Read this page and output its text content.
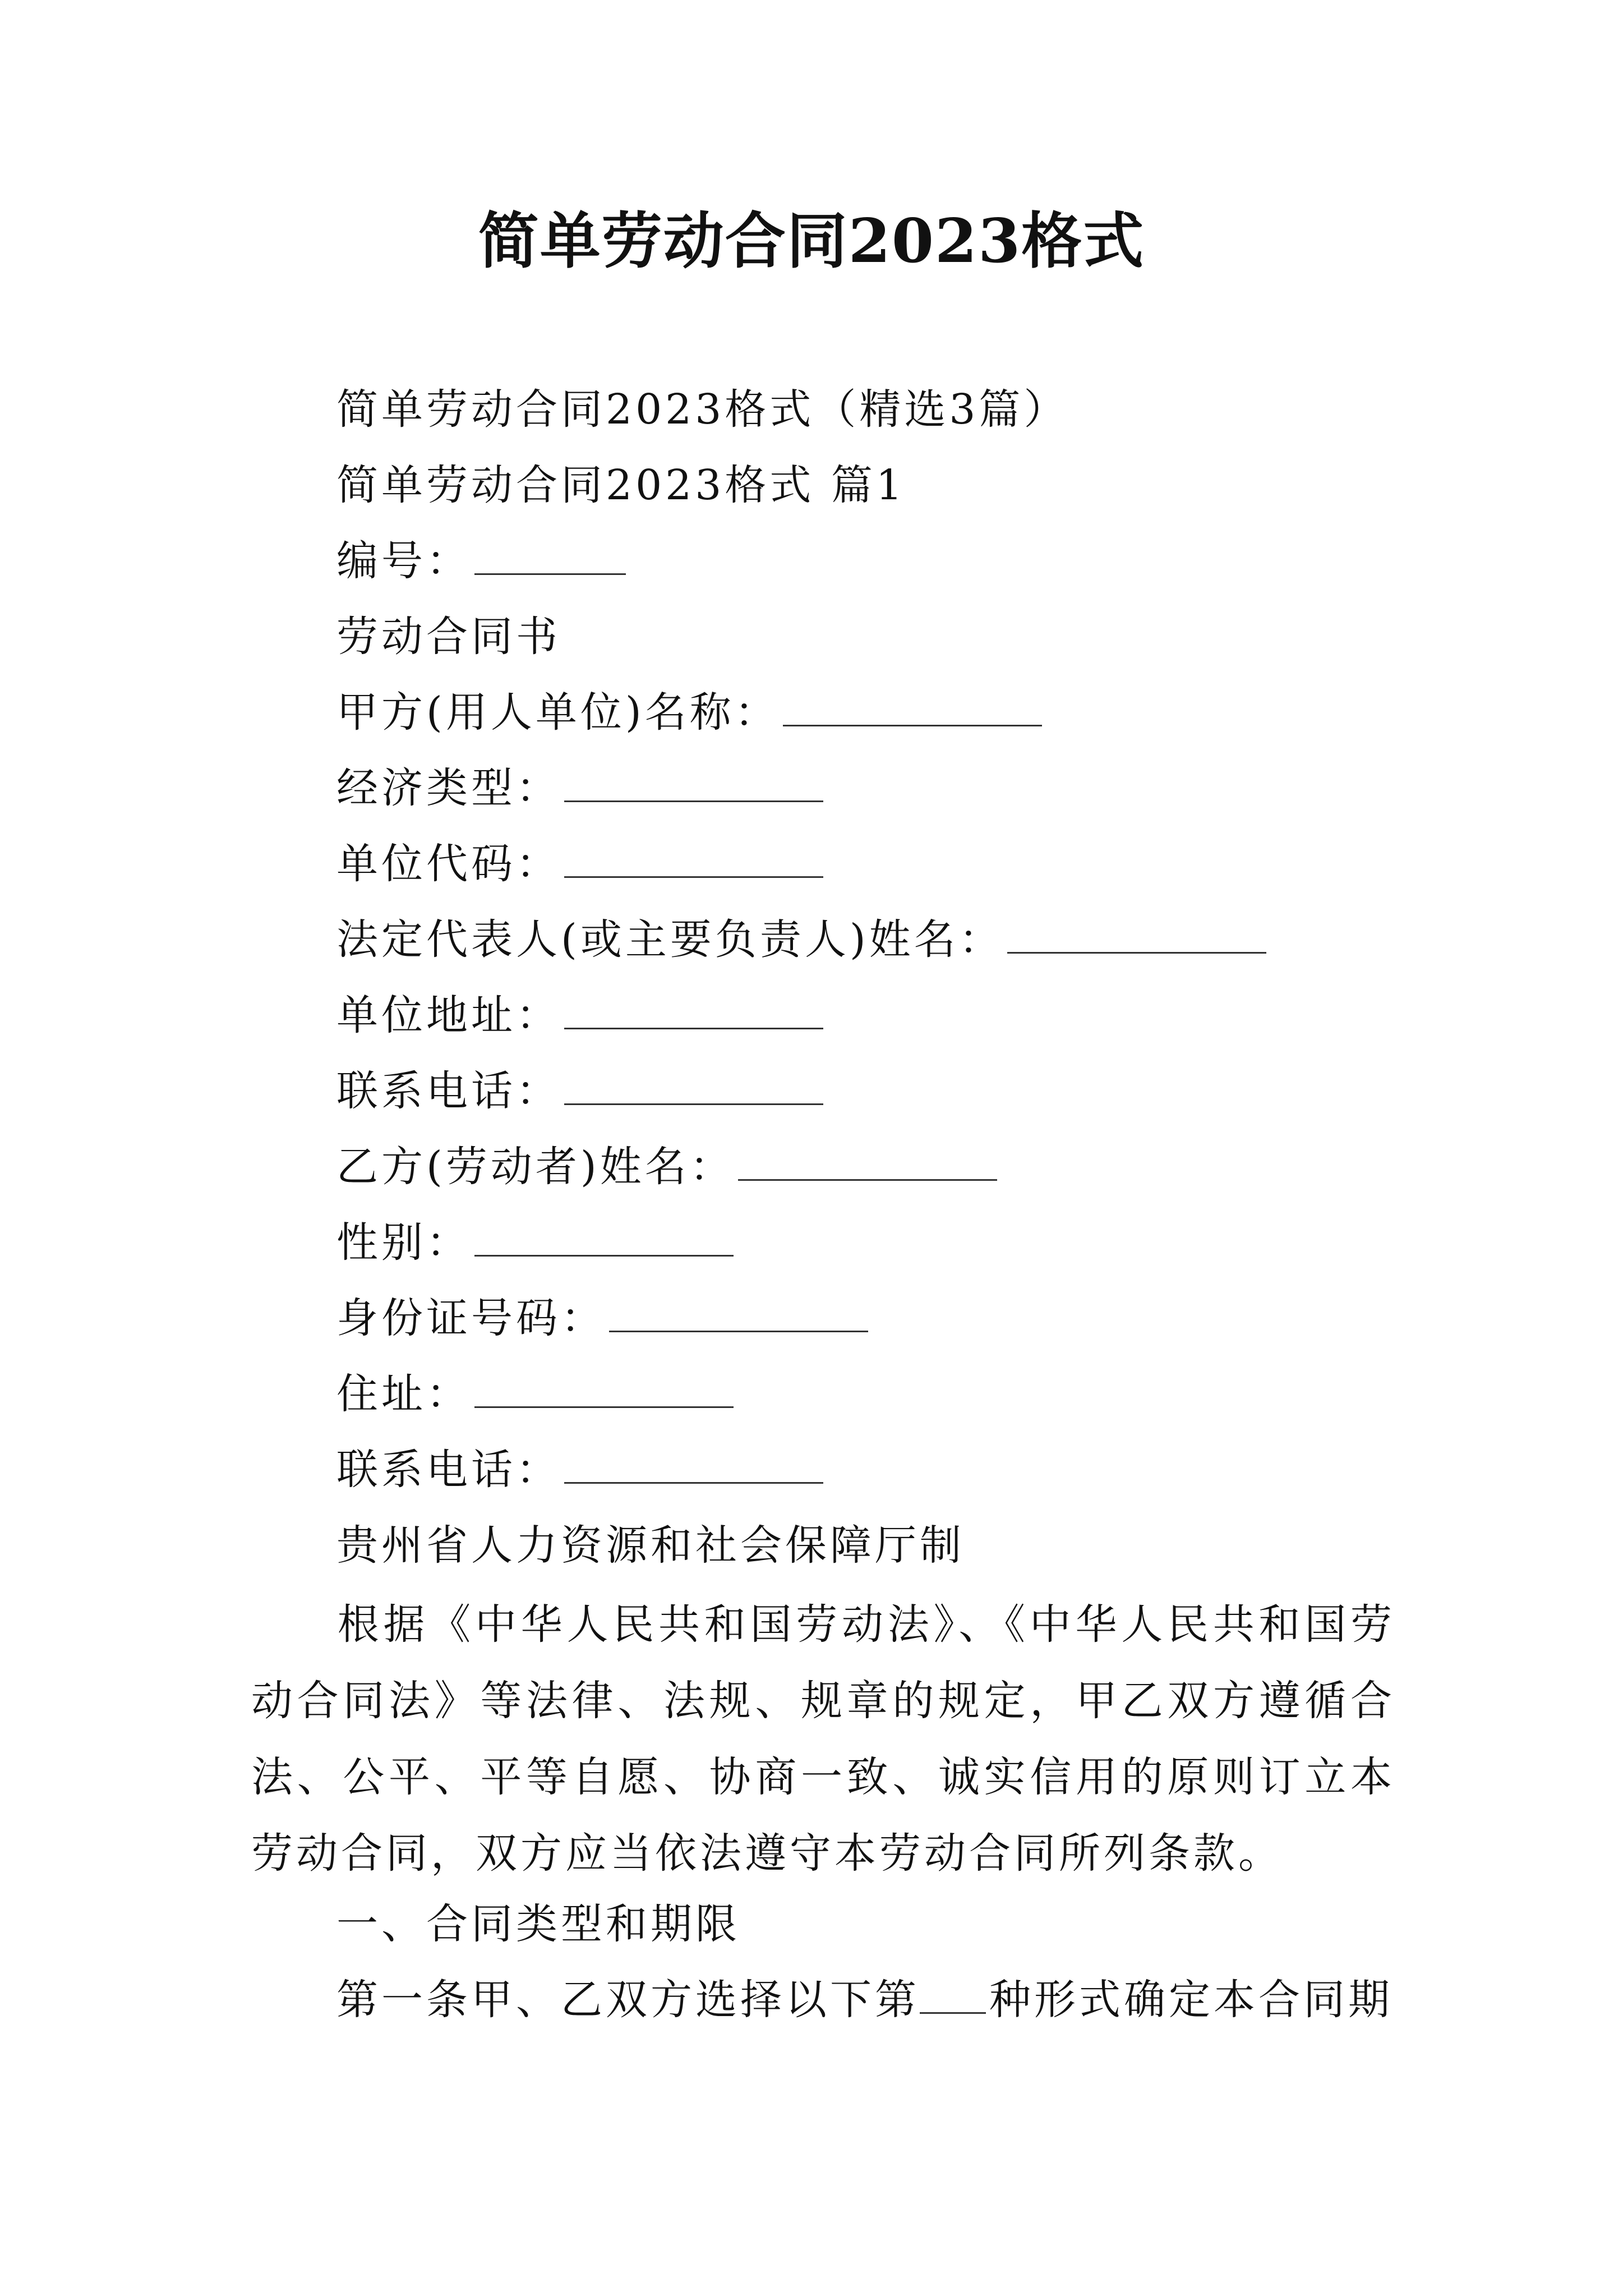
简单劳动合同2023格式
简单劳动合同2023格式（精选3篇）
简单劳动合同2023格式 篇1
编号：
劳动合同书
甲方(用人单位)名称：
经济类型：
单位代码：
法定代表人(或主要负责人)姓名：
单位地址：
联系电话：
乙方(劳动者)姓名：
性别：
身份证号码：
住址：
联系电话：
贵州省人力资源和社会保障厅制
根据《中华人民共和国劳动法》、《中华人民共和国劳动合同法》等法律、法规、规章的规定，甲乙双方遵循合法、公平、平等自愿、协商一致、诚实信用的原则订立本劳动合同，双方应当依法遵守本劳动合同所列条款。
一、合同类型和期限
第一条甲、乙双方选择以下第 种形式确定本合同期
